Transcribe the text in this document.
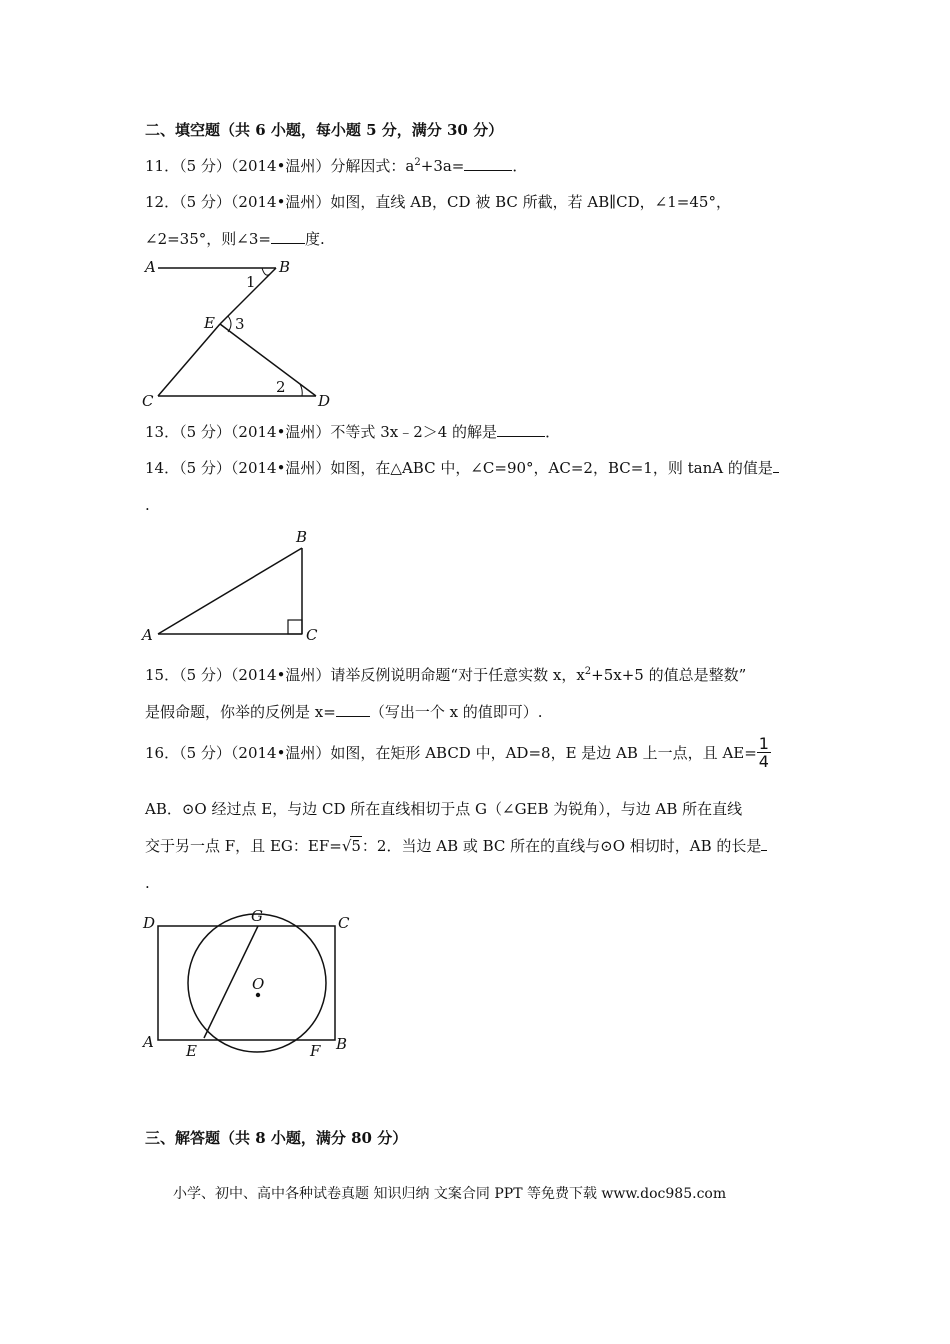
二、填空题（共 6 小题，每小题 5 分，满分 30 分）
11．（5 分）（2014•温州）分解因式：$a^2+3a=$	．
12．（5 分）（2014•温州）如图，直线 AB，CD 被 BC 所截，若 AB∥CD，∠1=45°，
∠2=35°，则∠3= 度.
A	B
C	D
E
1
3
2
13．（5 分）（2014•温州）不等式 3x﹣2＞4 的解是	．
14．（5 分）（2014•温州）如图，在△ABC 中，∠C=90°，AC=2，BC=1，则 tanA 的值是
.
A
B
C
15．（5 分）（2014•温州）请举反例说明命题“对于任意实数 x，$x^2+5x+5$ 的值总是整数”
是假命题，你举的反例是 x= （写出一个 x 的值即可）.
16．（5 分）（2014•温州）如图，在矩形 ABCD 中，AD=8，E 是边 AB 上一点，且 $AE= \frac{1}{4}$
AB．⊙O 经过点 E，与边 CD 所在直线相切于点 G（∠GEB 为锐角），与边 AB 所在直线
交于另一点 F，且 EG：EF=√5：2．当边 AB 或 BC 所在的直线与⊙O 相切时，AB 的长是
.
D	G	C
O
A E	F B
三、解答题（共 8 小题，满分 80 分）
小学、初中、高中各种试卷真题 知识归纳 文案合同 PPT 等免费下载 www.doc985.com
